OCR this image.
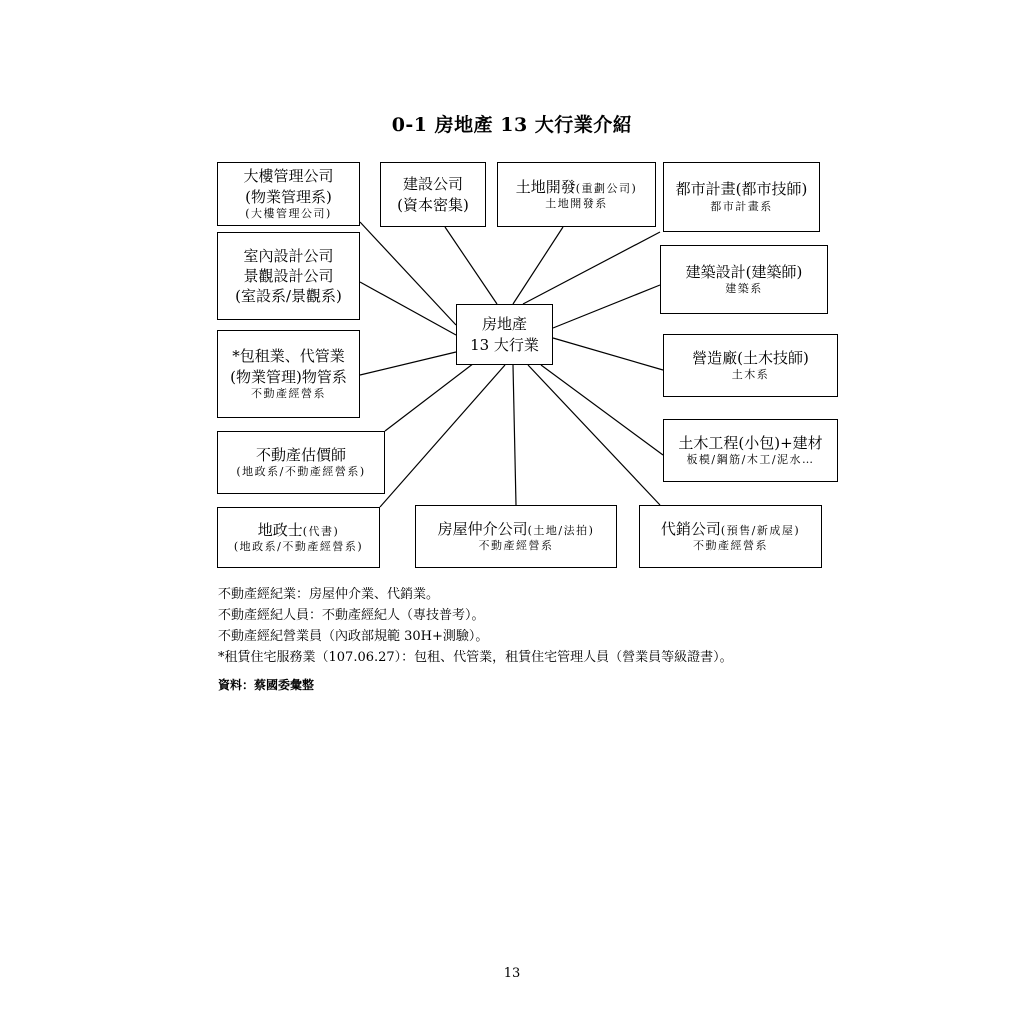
0-1 房地產 13 大行業介紹
房地產
13 大行業
大樓管理公司
(物業管理系)
(大樓管理公司)
室內設計公司
景觀設計公司
(室設系/景觀系)
*包租業、代管業
(物業管理)物管系
不動產經營系
不動產估價師
(地政系/不動產經營系)
地政士(代書)
(地政系/不動產經營系)
建設公司
(資本密集)
土地開發(重劃公司)
土地開發系
都市計畫(都市技師)
都市計畫系
建築設計(建築師)
建築系
營造廠(土木技師)
土木系
土木工程(小包)+建材
板模/鋼筋/木工/泥水…
房屋仲介公司(土地/法拍)
不動產經營系
代銷公司(預售/新成屋)
不動產經營系
不動產經紀業：房屋仲介業、代銷業。
不動產經紀人員：不動產經紀人（專技普考）。
不動產經紀營業員（內政部規範 30H+測驗）。
*租賃住宅服務業（107.06.27）：包租、代管業，租賃住宅管理人員（營業員等級證書）。
資料：蔡國委彙整
13
